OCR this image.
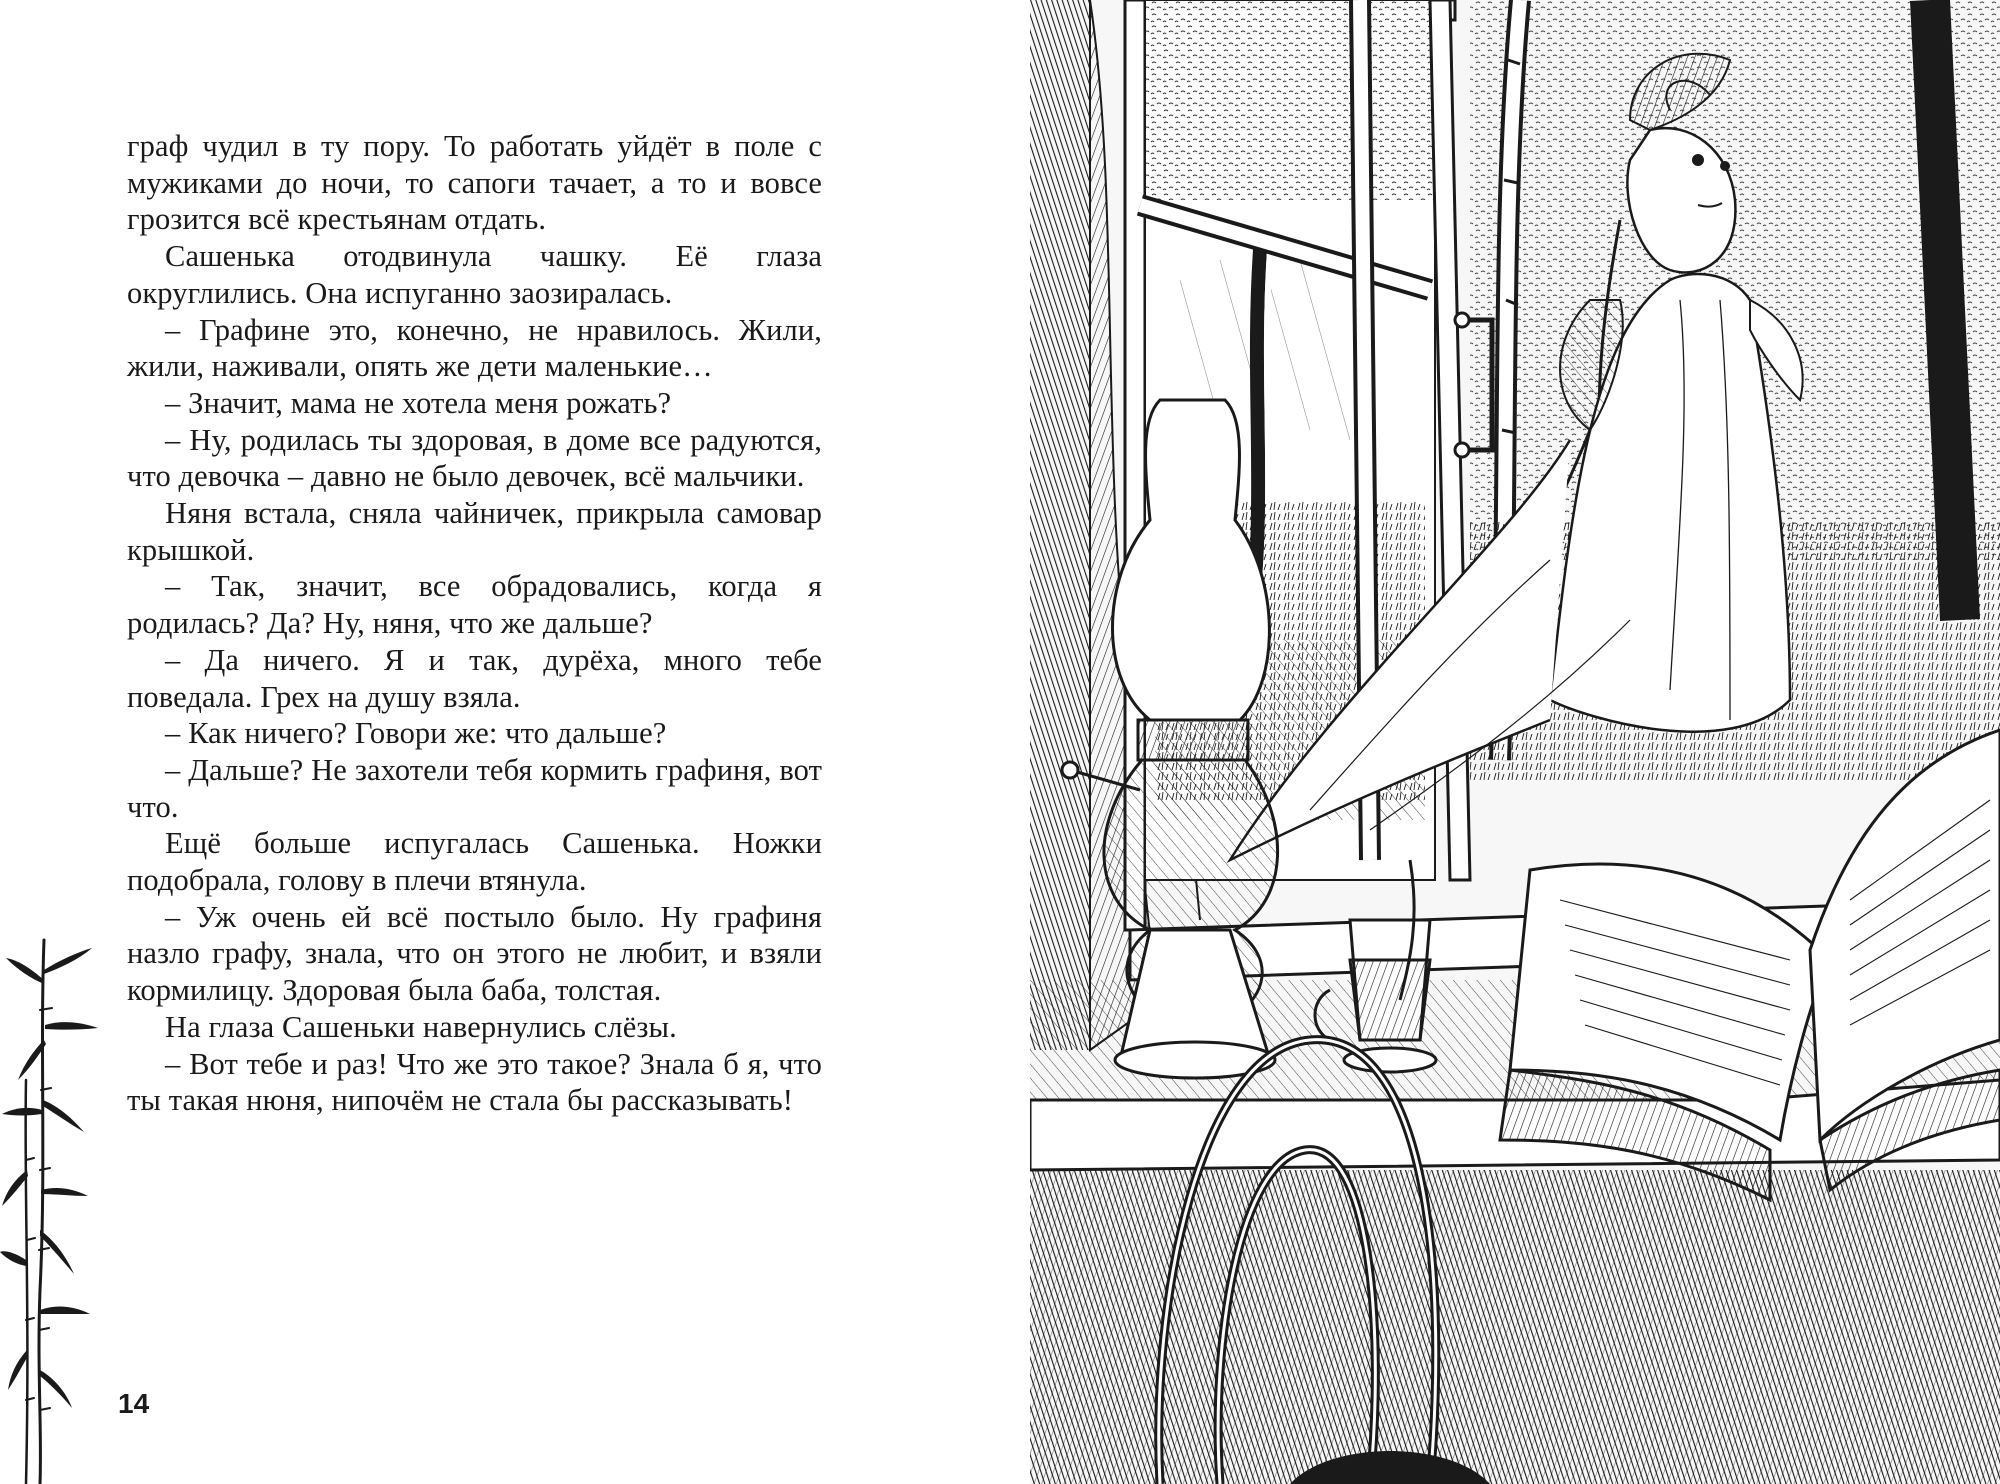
граф чудил в ту пору. То работать уйдёт в поле с мужиками до ночи, то сапоги тачает, а то и вовсе грозится всё крестьянам отдать.

Сашенька отодвинула чашку. Её глаза округлились. Она испуганно заозиралась.

– Графине это, конечно, не нравилось. Жили, жили, наживали, опять же дети маленькие…

– Значит, мама не хотела меня рожать?

– Ну, родилась ты здоровая, в доме все радуются, что девочка – давно не было девочек, всё мальчики.

Няня встала, сняла чайничек, прикрыла самовар крышкой.

– Так, значит, все обрадовались, когда я родилась? Да? Ну, няня, что же дальше?

– Да ничего. Я и так, дурёха, много тебе поведала. Грех на душу взяла.

– Как ничего? Говори же: что дальше?

– Дальше? Не захотели тебя кормить графиня, вот что.

Ещё больше испугалась Сашенька. Ножки подобрала, голову в плечи втянула.

– Уж очень ей всё постыло было. Ну графиня назло графу, знала, что он этого не любит, и взяли кормилицу. Здоровая была баба, толстая.

На глаза Сашеньки навернулись слёзы.

– Вот тебе и раз! Что же это такое? Знала б я, что ты такая нюня, нипочём не стала бы рассказывать!

14
